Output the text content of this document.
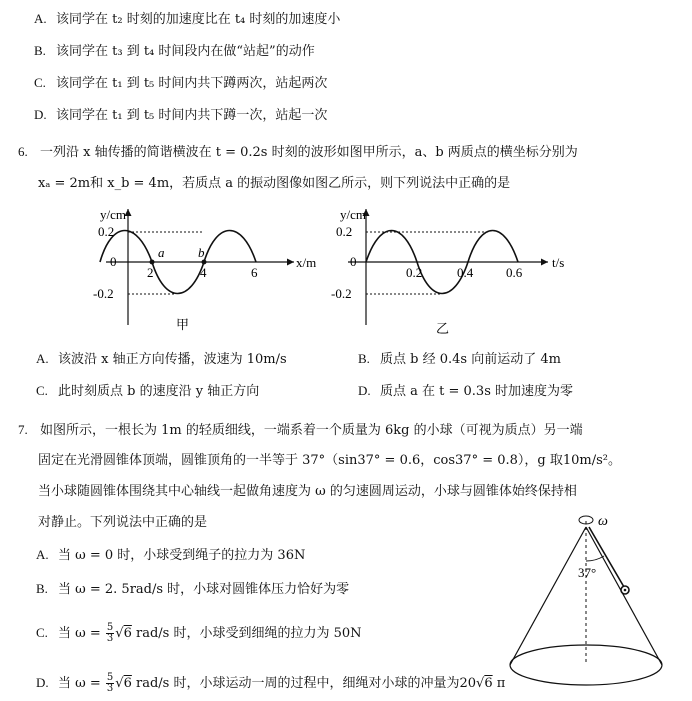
A. 该同学在 t₂ 时刻的加速度比在 t₄ 时刻的加速度小
B. 该同学在 t₃ 到 t₄ 时间段内在做“站起”的动作
C. 该同学在 t₁ 到 t₅ 时间内共下蹲两次，站起两次
D. 该同学在 t₁ 到 t₅ 时间内共下蹲一次，站起一次
6. 一列沿 x 轴传播的简谐横波在 t = 0.2s 时刻的波形如图甲所示，a、b 两质点的横坐标分别为
xₐ = 2m和 x_b = 4m，若质点 a 的振动图像如图乙所示，则下列说法中正确的是
y/cm
x/m
0
0.2
-0.2
2	4	6
a	b
甲
y/cm
t/s
0
0.2
-0.2
0.2	0.4	0.6
乙
A. 该波沿 x 轴正方向传播，波速为 10m/s	B. 质点 b 经 0.4s 向前运动了 4m
C. 此时刻质点 b 的速度沿 y 轴正方向	D. 质点 a 在 t = 0.3s 时加速度为零
7. 如图所示，一根长为 1m 的轻质细线，一端系着一个质量为 6kg 的小球（可视为质点）另一端
固定在光滑圆锥体顶端，圆锥顶角的一半等于 37°（sin37° = 0.6，cos37° = 0.8），g 取10m/s²。
当小球随圆锥体围绕其中心轴线一起做角速度为 ω 的匀速圆周运动，小球与圆锥体始终保持相
对静止。下列说法中正确的是	ω
37°
A. 当 ω = 0 时，小球受到绳子的拉力为 36N
B. 当 ω = 2. 5rad/s 时，小球对圆锥体压力恰好为零
C. 当 $\omega = \frac{5}{3} √6$ rad/s 时，小球受到细绳的拉力为 50N
D. 当 $\omega = \frac{5}{3} √6$ rad/s 时，小球运动一周的过程中，细绳对小球的冲量为20√6 π
